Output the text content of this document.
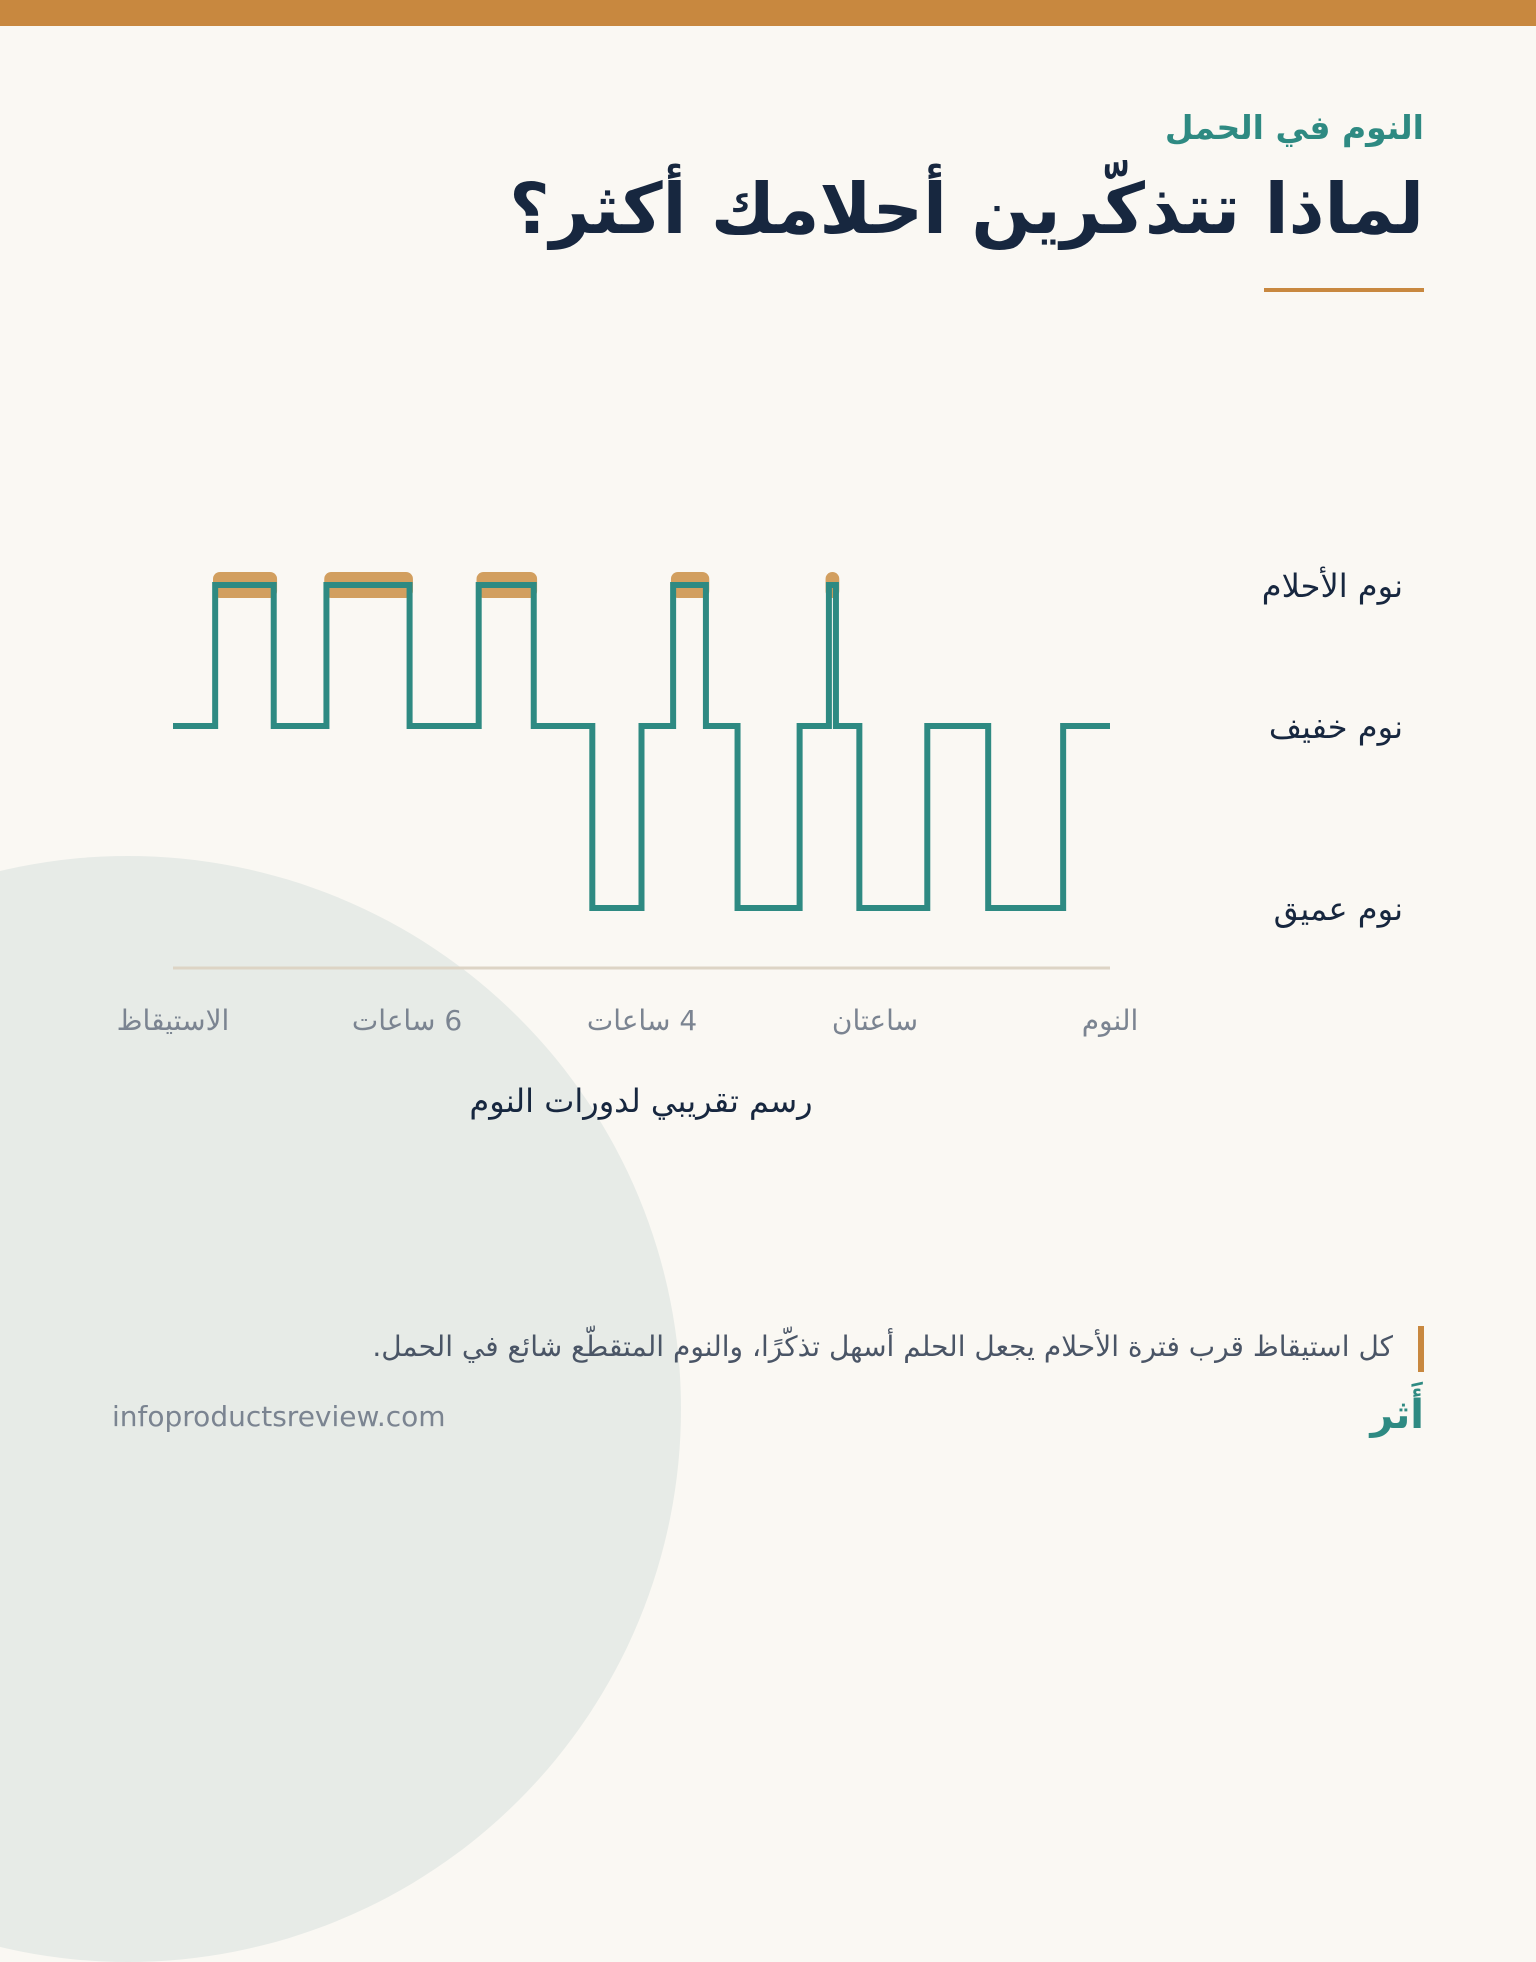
النوم في الحمل
لماذا تتذكّرين أحلامك أكثر؟
نوم الأحلام
نوم خفيف
نوم عميق
النوم
ساعتان
4 ساعات
6 ساعات
الاستيقاظ
رسم تقريبي لدورات النوم
كل استيقاظ قرب فترة الأحلام يجعل الحلم أسهل تذكّرًا، والنوم المتقطّع شائع في الحمل.
infoproductsreview.com	أَثر
